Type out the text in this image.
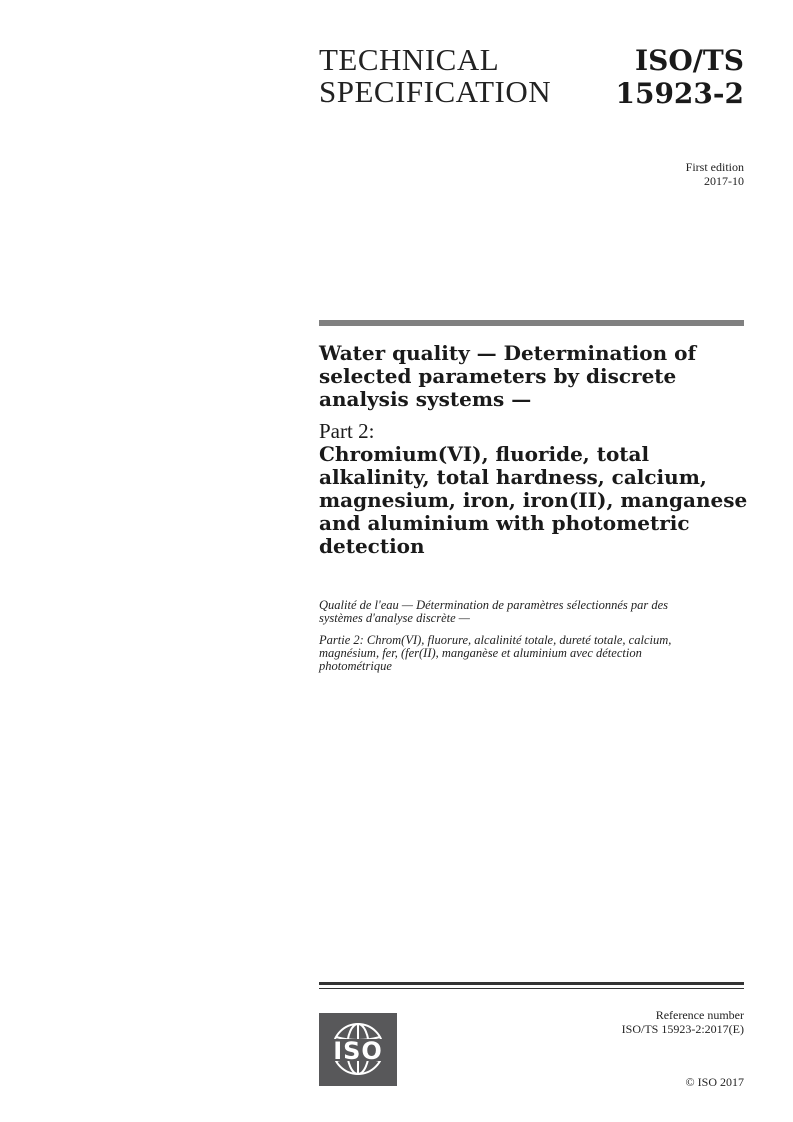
TECHNICAL
SPECIFICATION
ISO/TS
15923-2
First edition
2017-10
Water quality — Determination of
selected parameters by discrete
analysis systems —
Part 2:
Chromium(VI), fluoride, total
alkalinity, total hardness, calcium,
magnesium, iron, iron(II), manganese
and aluminium with photometric
detection

Qualité de l'eau — Détermination de paramètres sélectionnés par des
systèmes d'analyse discrète —

Partie 2: Chrom(VI), fluorure, alcalinité totale, dureté totale, calcium,
magnésium, fer, (fer(II), manganèse et aluminium avec détection
photométrique

ISO
Reference number
ISO/TS 15923-2:2017(E)
© ISO 2017
